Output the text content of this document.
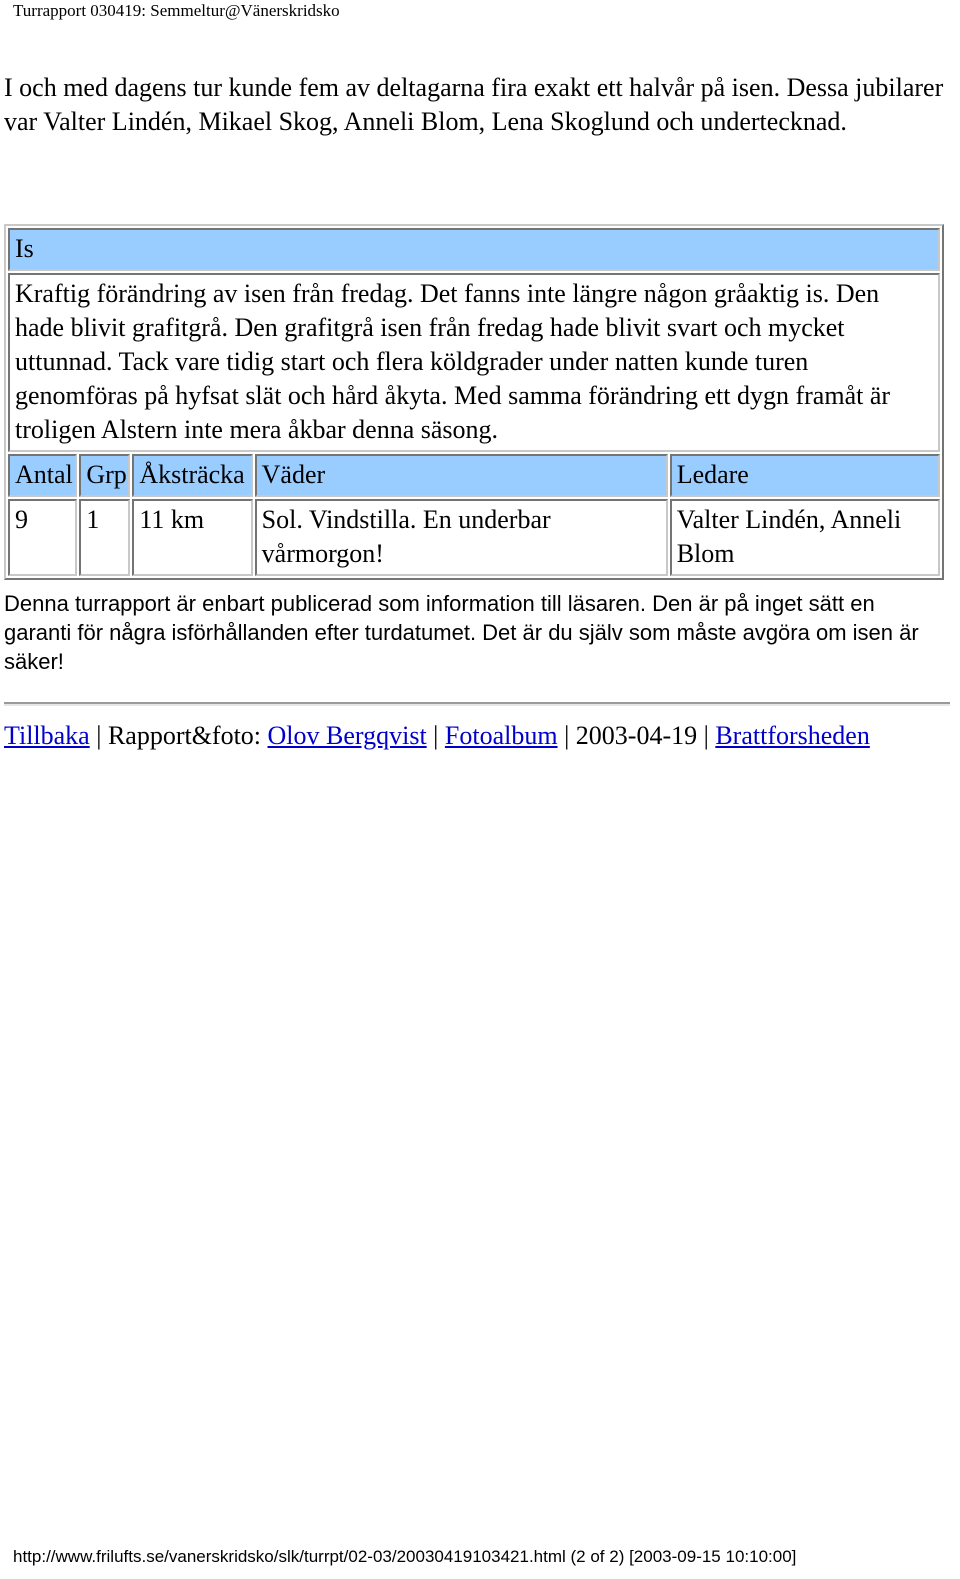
Turrapport 030419: Semmeltur@Vänerskridsko

I och med dagens tur kunde fem av deltagarna fira exakt ett halvår på isen. Dessa jubilarer var Valter Lindén, Mikael Skog, Anneli Blom, Lena Skoglund och undertecknad.

Is				
Kraftig förändring av isen från fredag. Det fanns inte längre någon gråaktig is. Den hade blivit grafitgrå. Den grafitgrå isen från fredag hade blivit svart och mycket uttunnad. Tack vare tidig start och flera köldgrader under natten kunde turen genomföras på hyfsat slät och hård åkyta. Med samma förändring ett dygn framåt är troligen Alstern inte mera åkbar denna säsong.				
Antal	Grp	Åksträcka	Väder	Ledare
9	1	11 km	Sol. Vindstilla. En underbar vårmorgon!	Valter Lindén, Anneli Blom

Denna turrapport är enbart publicerad som information till läsaren. Den är på inget sätt en garanti för några isförhållanden efter turdatumet. Det är du själv som måste avgöra om isen är säker!

Tillbaka | Rapport&foto: Olov Bergqvist | Fotoalbum | 2003-04-19 | Brattforsheden
http://www.frilufts.se/vanerskridsko/slk/turrpt/02-03/20030419103421.html (2 of 2) [2003-09-15 10:10:00]
